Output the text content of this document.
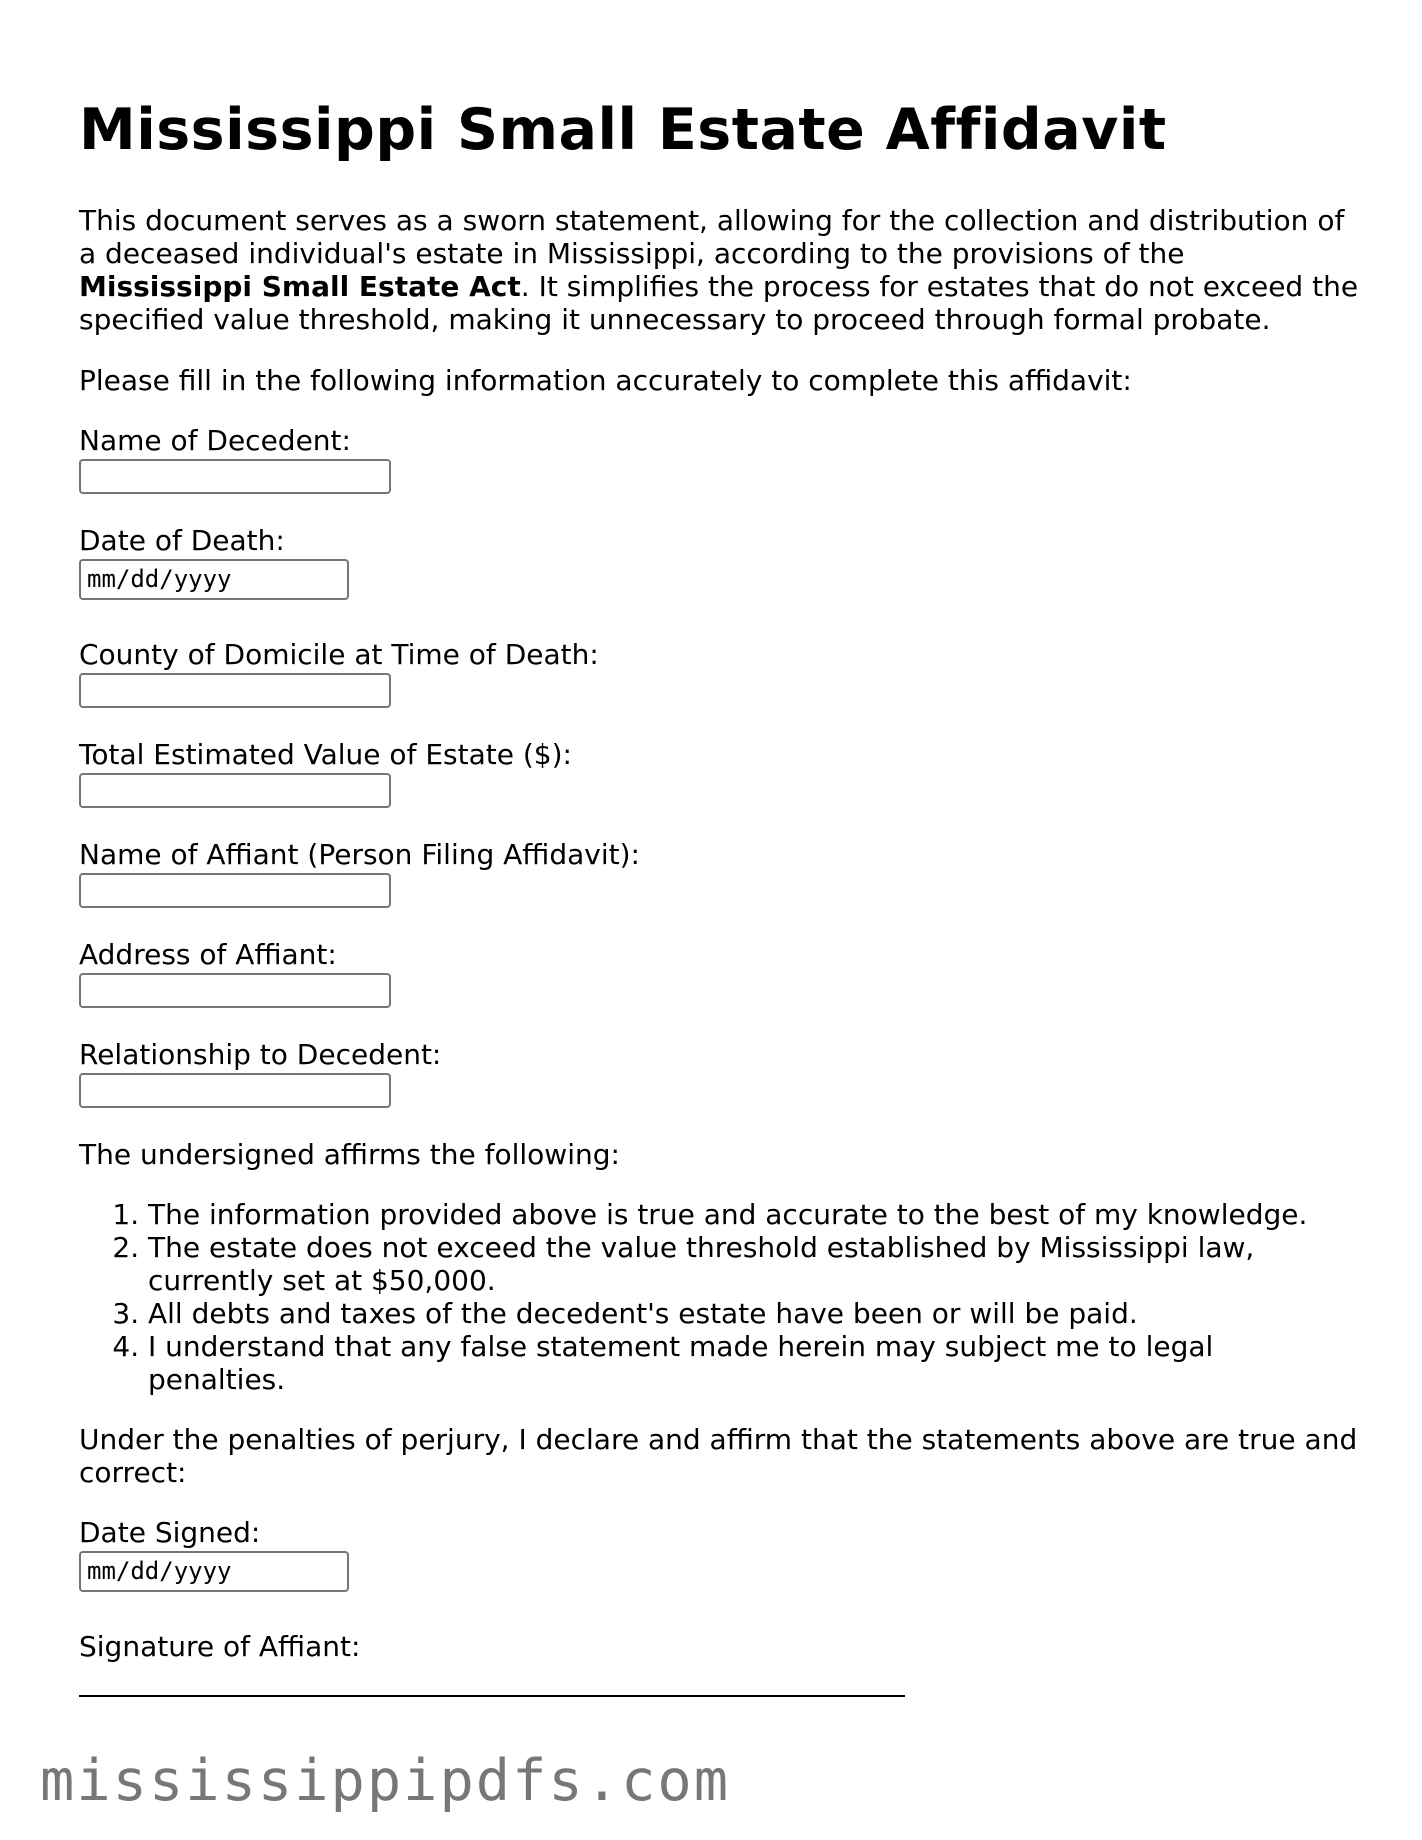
Mississippi Small Estate Affidavit

This document serves as a sworn statement, allowing for the collection and distribution of a deceased individual's estate in Mississippi, according to the provisions of the Mississippi Small Estate Act. It simplifies the process for estates that do not exceed the specified value threshold, making it unnecessary to proceed through formal probate.

Please fill in the following information accurately to complete this affidavit:

Name of Decedent:
Date of Death:
mm/dd/yyyy
County of Domicile at Time of Death:
Total Estimated Value of Estate ($):
Name of Affiant (Person Filing Affidavit):
Address of Affiant:
Relationship to Decedent:

The undersigned affirms the following:

1. The information provided above is true and accurate to the best of my knowledge.
2. The estate does not exceed the value threshold established by Mississippi law, currently set at $50,000.
3. All debts and taxes of the decedent's estate have been or will be paid.
4. I understand that any false statement made herein may subject me to legal penalties.

Under the penalties of perjury, I declare and affirm that the statements above are true and correct:

Date Signed:
mm/dd/yyyy
Signature of Affiant:
mississippipdfs.com
